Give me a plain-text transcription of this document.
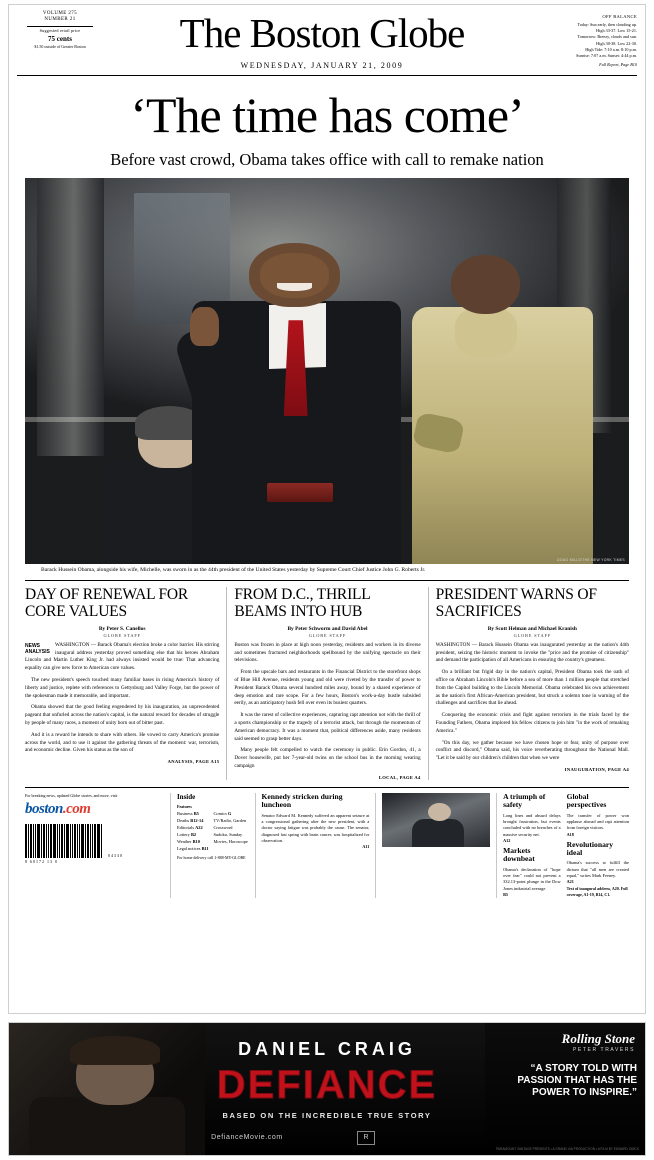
VOLUME 275
NUMBER 21
Suggested retail price
75 cents
$1.50 outside of Greater Boston	The Boston Globe
WEDNESDAY, JANUARY 21, 2009
OFF BALANCE
Today: Sun early, then clouding up.
High 33-37. Low 15-21.
Tomorrow: Breezy, clouds and sun.
High 30-38. Low 22-30.
High Tide: 7:10 a.m. 8:10 p.m.
Sunrise: 7:07 a.m. Sunset: 4:44 p.m.
Full Report, Page B10
‘The time has come’
Before vast crowd, Obama takes office with call to remake nation
DOUG MILLS/THE NEW YORK TIMES
Barack Hussein Obama, alongside his wife, Michelle, was sworn in as the 44th president of the United States yesterday by Supreme Court Chief Justice John G. Roberts Jr.
DAY OF RENEWAL FOR CORE VALUES
By Peter S. Canellos
GLOBE STAFF
NEWS ANALYSIS

WASHINGTON — Barack Obama's election broke a color barrier. His stirring inaugural address yesterday proved something else that his heroes Abraham Lincoln and Martin Luther King Jr. had always insisted would be true: That advancing equality can give new force to American core values.

The new president's speech touched many familiar bases in rising America's history of liberty and justice, replete with references to Gettysburg and Valley Forge, but the power of the spokesman made it memorable, and important.

Obama showed that the good feeling engendered by his inauguration, an unprecedented pageant that unfurled across the nation's capital, is the natural reward for decades of struggle by people of many races, a moment of unity born out of bitter past.

And it is a reward he intends to share with others. He vowed to carry America's promise across the world, and to use it against the gathering threats of the moment: war, terrorism, and economic decline. Given his status as the son of

ANALYSIS, PAGE A15
FROM D.C., THRILL BEAMS INTO HUB
By Peter Schworm and David Abel
GLOBE STAFF

Boston was frozen in place at high noon yesterday, residents and workers in its diverse and sometimes fractured neighborhoods spellbound by the unifying spectacle on their televisions.

From the upscale bars and restaurants in the Financial District to the storefront shops of Blue Hill Avenue, residents young and old were riveted by the transfer of power to President Barack Obama several hundred miles away, bound by a shared experience of deep emotion and rare scope. For a few hours, Boston's work-a-day bustle subsided eerily, as an anticipatory hush fell over even its busiest quarters.

It was the rarest of collective experiences, capturing rapt attention not with the thrill of a sports championship or the tragedy of a terrorist attack, but through the momentum of American democracy. It was a moment that, political differences aside, many residents said seemed to grasp better days.

Many people felt compelled to watch the ceremony in public. Erin Gordon, 41, a Dover housewife, put her 7-year-old twins on the school bus in the morning wearing campaign

LOCAL, PAGE A4
PRESIDENT WARNS OF SACRIFICES
By Scott Helman and Michael Kranish
GLOBE STAFF

WASHINGTON — Barack Hussein Obama was inaugurated yesterday as the nation's 44th president, seizing the historic moment to invoke the "price and the promise of citizenship" and demand the participation of all Americans in ensuring the country's greatness.

On a brilliant but frigid day in the nation's capital, President Obama took the oath of office on Abraham Lincoln's Bible before a sea of more than 1 million people that stretched from the Capitol building to the Lincoln Memorial. Obama celebrated his own achievement as the nation's first African-American president, but struck a solemn tone in warning of the challenges and sacrifices that lie ahead.

Conquering the economic crisis and fight against terrorism in the trials faced by the Founding Fathers, Obama implored his fellow citizens to join him "in the work of remaking America."

"On this day, we gather because we have chosen hope or fear, unity of purpose over conflict and discord," Obama said, his voice reverberating throughout the National Mall. "Let it be said by our children's children that when we were

INAUGURATION, PAGE A4
For breaking news, updated Globe stories, and more, visit
boston.com
04330
8 60172 13 0
Inside
Features
Business B5
Deaths B12-14
Editorials A22
Lottery B2
Weather B10
Legal notices B11
Comics G
TV/Radio, Garden
Crossword
Sudoku, Sunday
Movies, Horoscope
For home delivery call 1-888-MY-GLOBE
Kennedy stricken during luncheon
Senator Edward M. Kennedy suffered an apparent seizure at a congressional gathering after the new president, with a doctor saying fatigue was probably the cause. The senator, diagnosed last spring with brain cancer, was hospitalized for observation.
A11
A triumph of safety
Long lines and absurd delays brought frustration, but events concluded with no breaches of a massive security net.
A12
Markets downbeat
Obama's declaration of "hope over fear" could not prevent a 332.13-point plunge in the Dow Jones industrial average.
B5
Global perspectives
The transfer of power won applause abroad and rapt attention from foreign visitors.
A18
Revolutionary ideal
Obama's success to fulfill the dictum that "all men are created equal," writes Mark Feeney.
A21
Text of inaugural address, A20. Full coverage, A1-19, B14, C1.
DANIEL CRAIG
DEFIANCE
BASED ON THE INCREDIBLE TRUE STORY
DefianceMovie.com	R
Rolling Stone
PETER TRAVERS
“A STORY TOLD WITH PASSION THAT HAS THE POWER TO INSPIRE.”
PARAMOUNT VANTAGE PRESENTS • A GRAND VIA PRODUCTION • A FILM BY EDWARD ZWICK
